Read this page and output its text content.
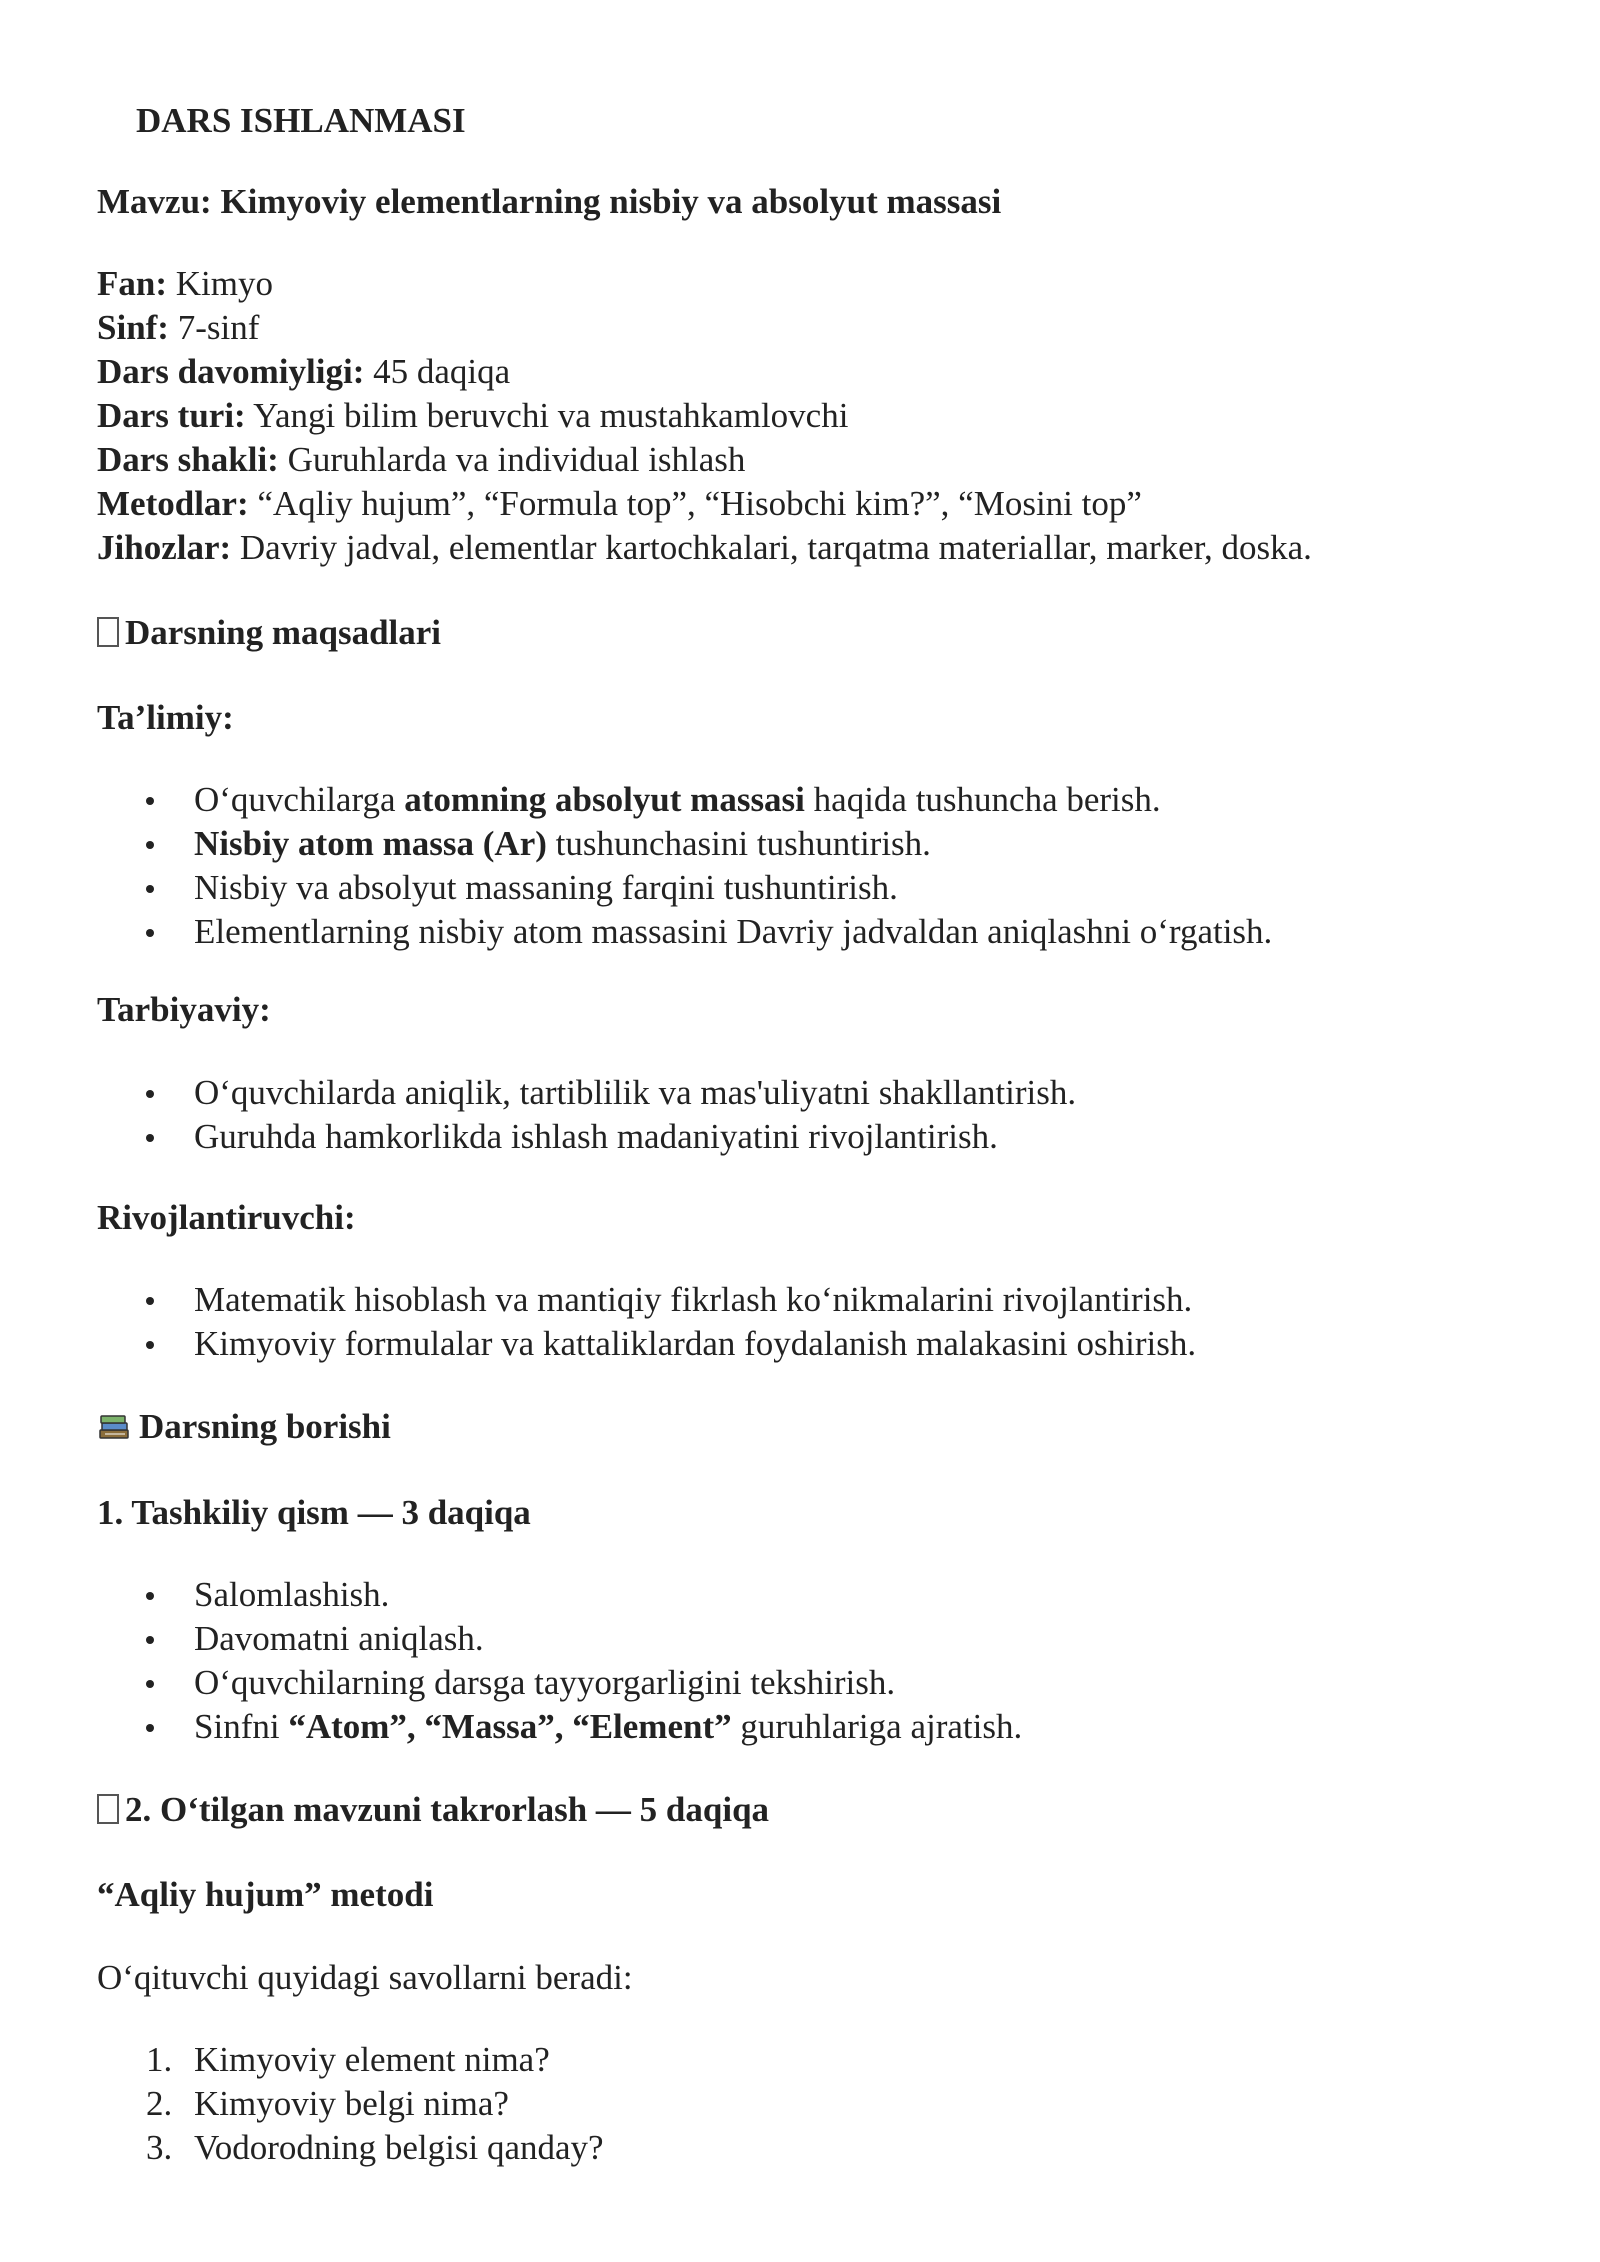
DARS ISHLANMASI
Mavzu: Kimyoviy elementlarning nisbiy va absolyut massasi
Fan: Kimyo
Sinf: 7-sinf
Dars davomiyligi: 45 daqiqa
Dars turi: Yangi bilim beruvchi va mustahkamlovchi
Dars shakli: Guruhlarda va individual ishlash
Metodlar: “Aqliy hujum”, “Formula top”, “Hisobchi kim?”, “Mosini top”
Jihozlar: Davriy jadval, elementlar kartochkalari, tarqatma materiallar, marker, doska.
Darsning maqsadlari
Ta’limiy:
O‘quvchilarga atomning absolyut massasi haqida tushuncha berish.
Nisbiy atom massa (Ar) tushunchasini tushuntirish.
Nisbiy va absolyut massaning farqini tushuntirish.
Elementlarning nisbiy atom massasini Davriy jadvaldan aniqlashni o‘rgatish.
Tarbiyaviy:
O‘quvchilarda aniqlik, tartiblilik va mas'uliyatni shakllantirish.
Guruhda hamkorlikda ishlash madaniyatini rivojlantirish.
Rivojlantiruvchi:
Matematik hisoblash va mantiqiy fikrlash ko‘nikmalarini rivojlantirish.
Kimyoviy formulalar va kattaliklardan foydalanish malakasini oshirish.
Darsning borishi
1. Tashkiliy qism — 3 daqiqa
Salomlashish.
Davomatni aniqlash.
O‘quvchilarning darsga tayyorgarligini tekshirish.
Sinfni “Atom”, “Massa”, “Element” guruhlariga ajratish.
2. O‘tilgan mavzuni takrorlash — 5 daqiqa
“Aqliy hujum” metodi
O‘qituvchi quyidagi savollarni beradi:
1. Kimyoviy element nima?
2. Kimyoviy belgi nima?
3. Vodorodning belgisi qanday?
